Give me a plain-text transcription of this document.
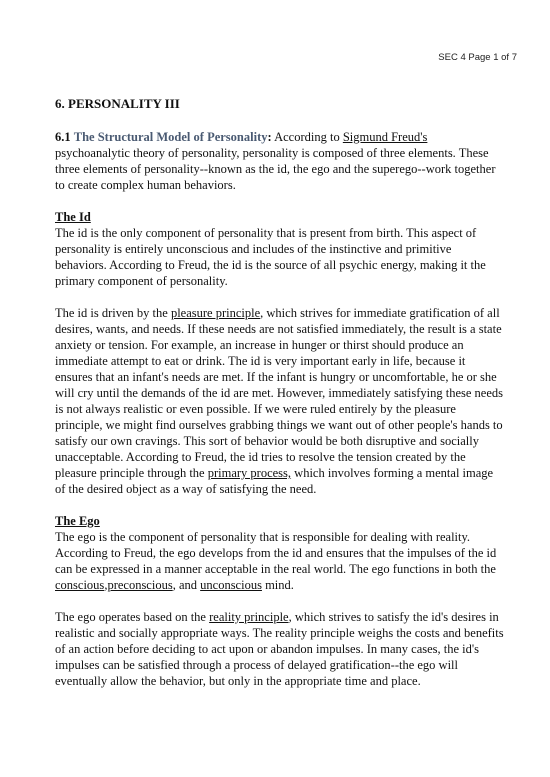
SEC 4 Page 1 of 7
6. PERSONALITY III

6.1 The Structural Model of Personality: According to Sigmund Freud's psychoanalytic theory of personality, personality is composed of three elements. These three elements of personality--known as the id, the ego and the superego--work together to create complex human behaviors.

The Id

The id is the only component of personality that is present from birth. This aspect of personality is entirely unconscious and includes of the instinctive and primitive behaviors. According to Freud, the id is the source of all psychic energy, making it the primary component of personality.

The id is driven by the pleasure principle, which strives for immediate gratification of all desires, wants, and needs. If these needs are not satisfied immediately, the result is a state anxiety or tension. For example, an increase in hunger or thirst should produce an immediate attempt to eat or drink. The id is very important early in life, because it ensures that an infant's needs are met. If the infant is hungry or uncomfortable, he or she will cry until the demands of the id are met. However, immediately satisfying these needs is not always realistic or even possible. If we were ruled entirely by the pleasure principle, we might find ourselves grabbing things we want out of other people's hands to satisfy our own cravings. This sort of behavior would be both disruptive and socially unacceptable. According to Freud, the id tries to resolve the tension created by the pleasure principle through the primary process, which involves forming a mental image of the desired object as a way of satisfying the need.

The Ego

The ego is the component of personality that is responsible for dealing with reality. According to Freud, the ego develops from the id and ensures that the impulses of the id can be expressed in a manner acceptable in the real world. The ego functions in both the conscious,preconscious, and unconscious mind.

The ego operates based on the reality principle, which strives to satisfy the id's desires in realistic and socially appropriate ways. The reality principle weighs the costs and benefits of an action before deciding to act upon or abandon impulses. In many cases, the id's impulses can be satisfied through a process of delayed gratification--the ego will eventually allow the behavior, but only in the appropriate time and place.
